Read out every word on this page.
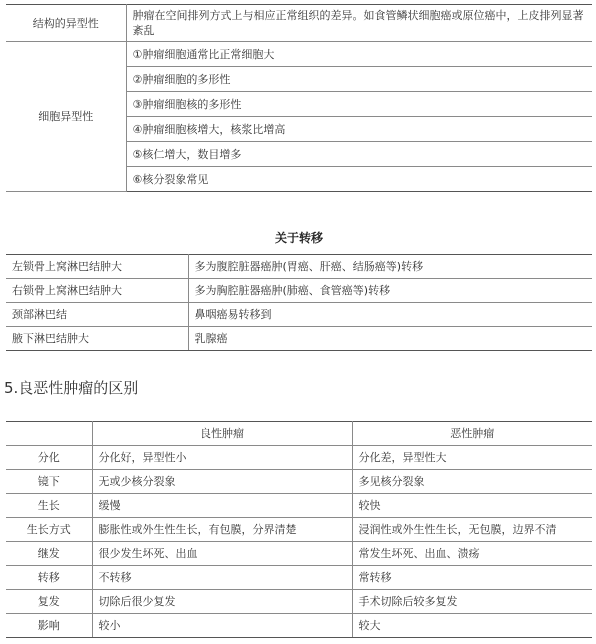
结构的异型性	肿瘤在空间排列方式上与相应正常组织的差异。如食管鳞状细胞癌或原位癌中，上皮排列显著紊乱
细胞异型性	①肿瘤细胞通常比正常细胞大
	②肿瘤细胞的多形性
	③肿瘤细胞核的多形性
	④肿瘤细胞核增大，核浆比增高
	⑤核仁增大，数目增多
	⑥核分裂象常见
关于转移
左锁骨上窝淋巴结肿大	多为腹腔脏器癌肿(胃癌、肝癌、结肠癌等)转移
右锁骨上窝淋巴结肿大	多为胸腔脏器癌肿(肺癌、食管癌等)转移
颈部淋巴结	鼻咽癌易转移到
腋下淋巴结肿大	乳腺癌
5.良恶性肿瘤的区别
	良性肿瘤	恶性肿瘤
分化	分化好，异型性小	分化差，异型性大
镜下	无或少核分裂象	多见核分裂象
生长	缓慢	较快
生长方式	膨胀性或外生性生长，有包膜，分界清楚	浸润性或外生性生长，无包膜，边界不清
继发	很少发生坏死、出血	常发生坏死、出血、溃疡
转移	不转移	常转移
复发	切除后很少复发	手术切除后较多复发
影响	较小	较大
